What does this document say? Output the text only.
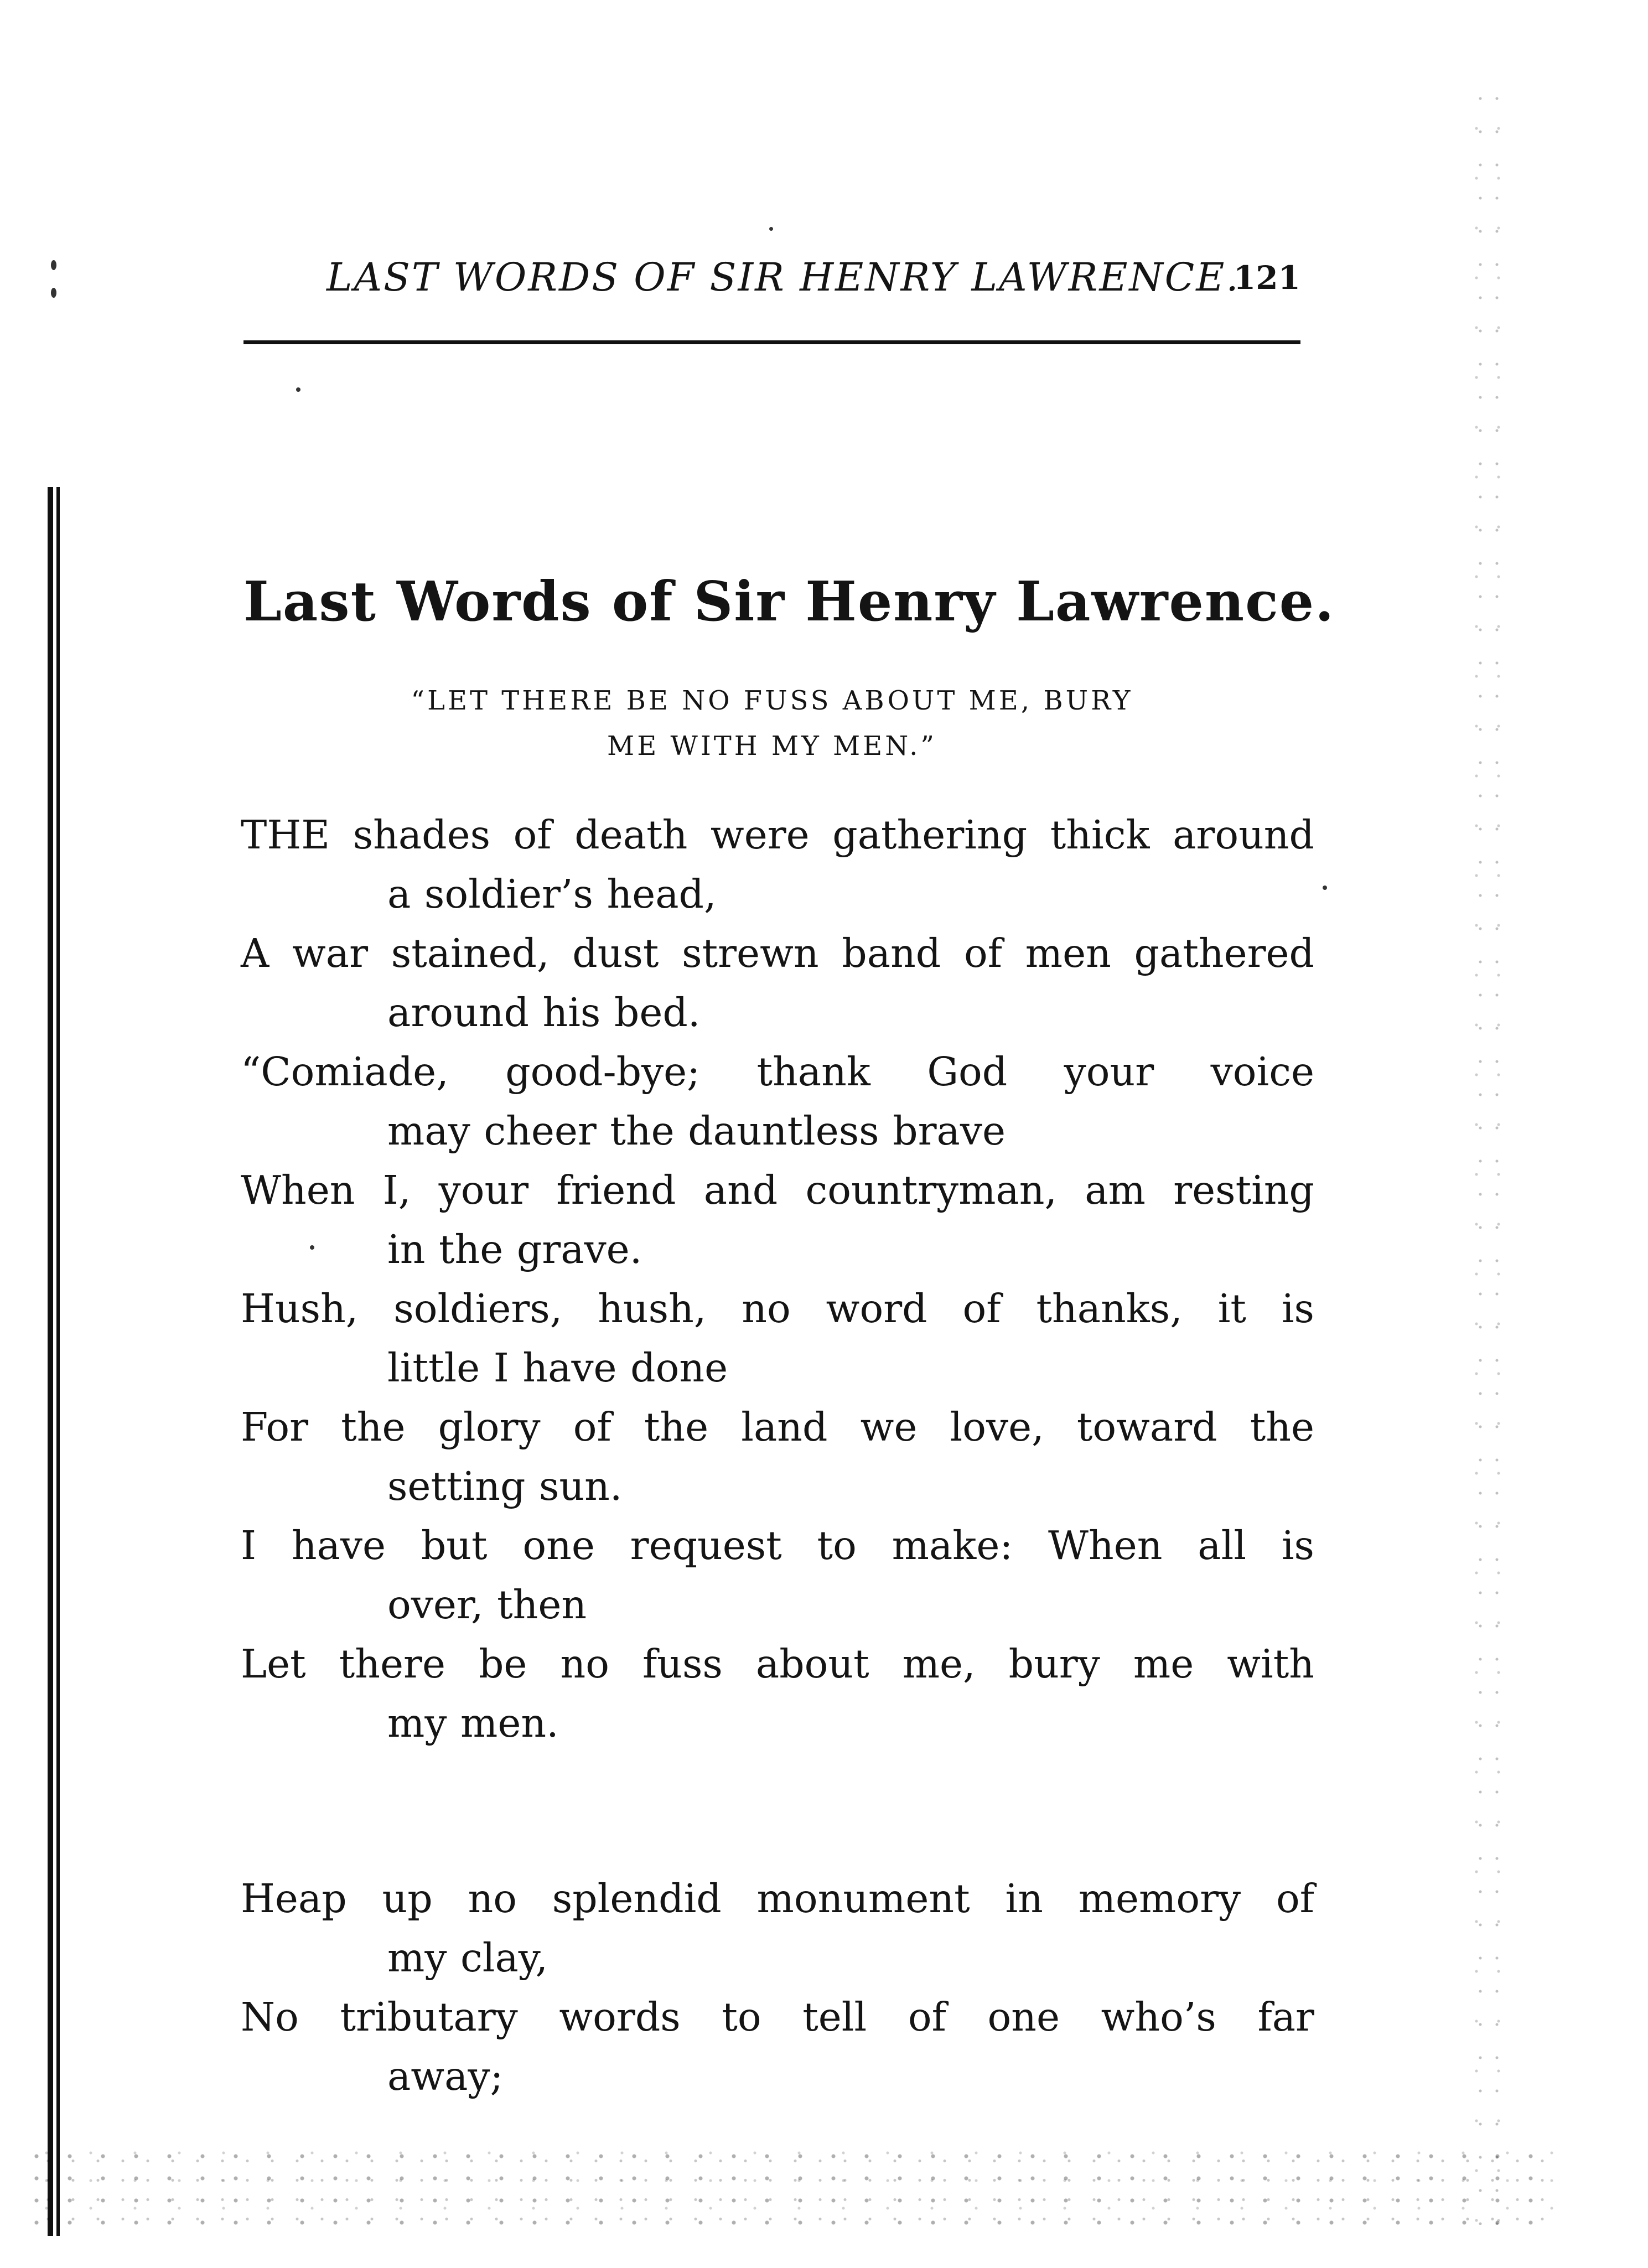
LAST WORDS OF SIR HENRY LAWRENCE.
121
Last Words of Sir Henry Lawrence.
“LET THERE BE NO FUSS ABOUT ME, BURY
ME WITH MY MEN.”
THE shades of death were gathering thick around
a soldier’s head,
A war stained, dust strewn band of men gathered
around his bed.
“Comiade, good-bye; thank God your voice
may cheer the dauntless brave
When I, your friend and countryman, am resting
in the grave.
Hush, soldiers, hush, no word of thanks, it is
little I have done
For the glory of the land we love, toward the
setting sun.
I have but one request to make: When all is
over, then
Let there be no fuss about me, bury me with
my men.
Heap up no splendid monument in memory of
my clay,
No tributary words to tell of one who’s far
away;
